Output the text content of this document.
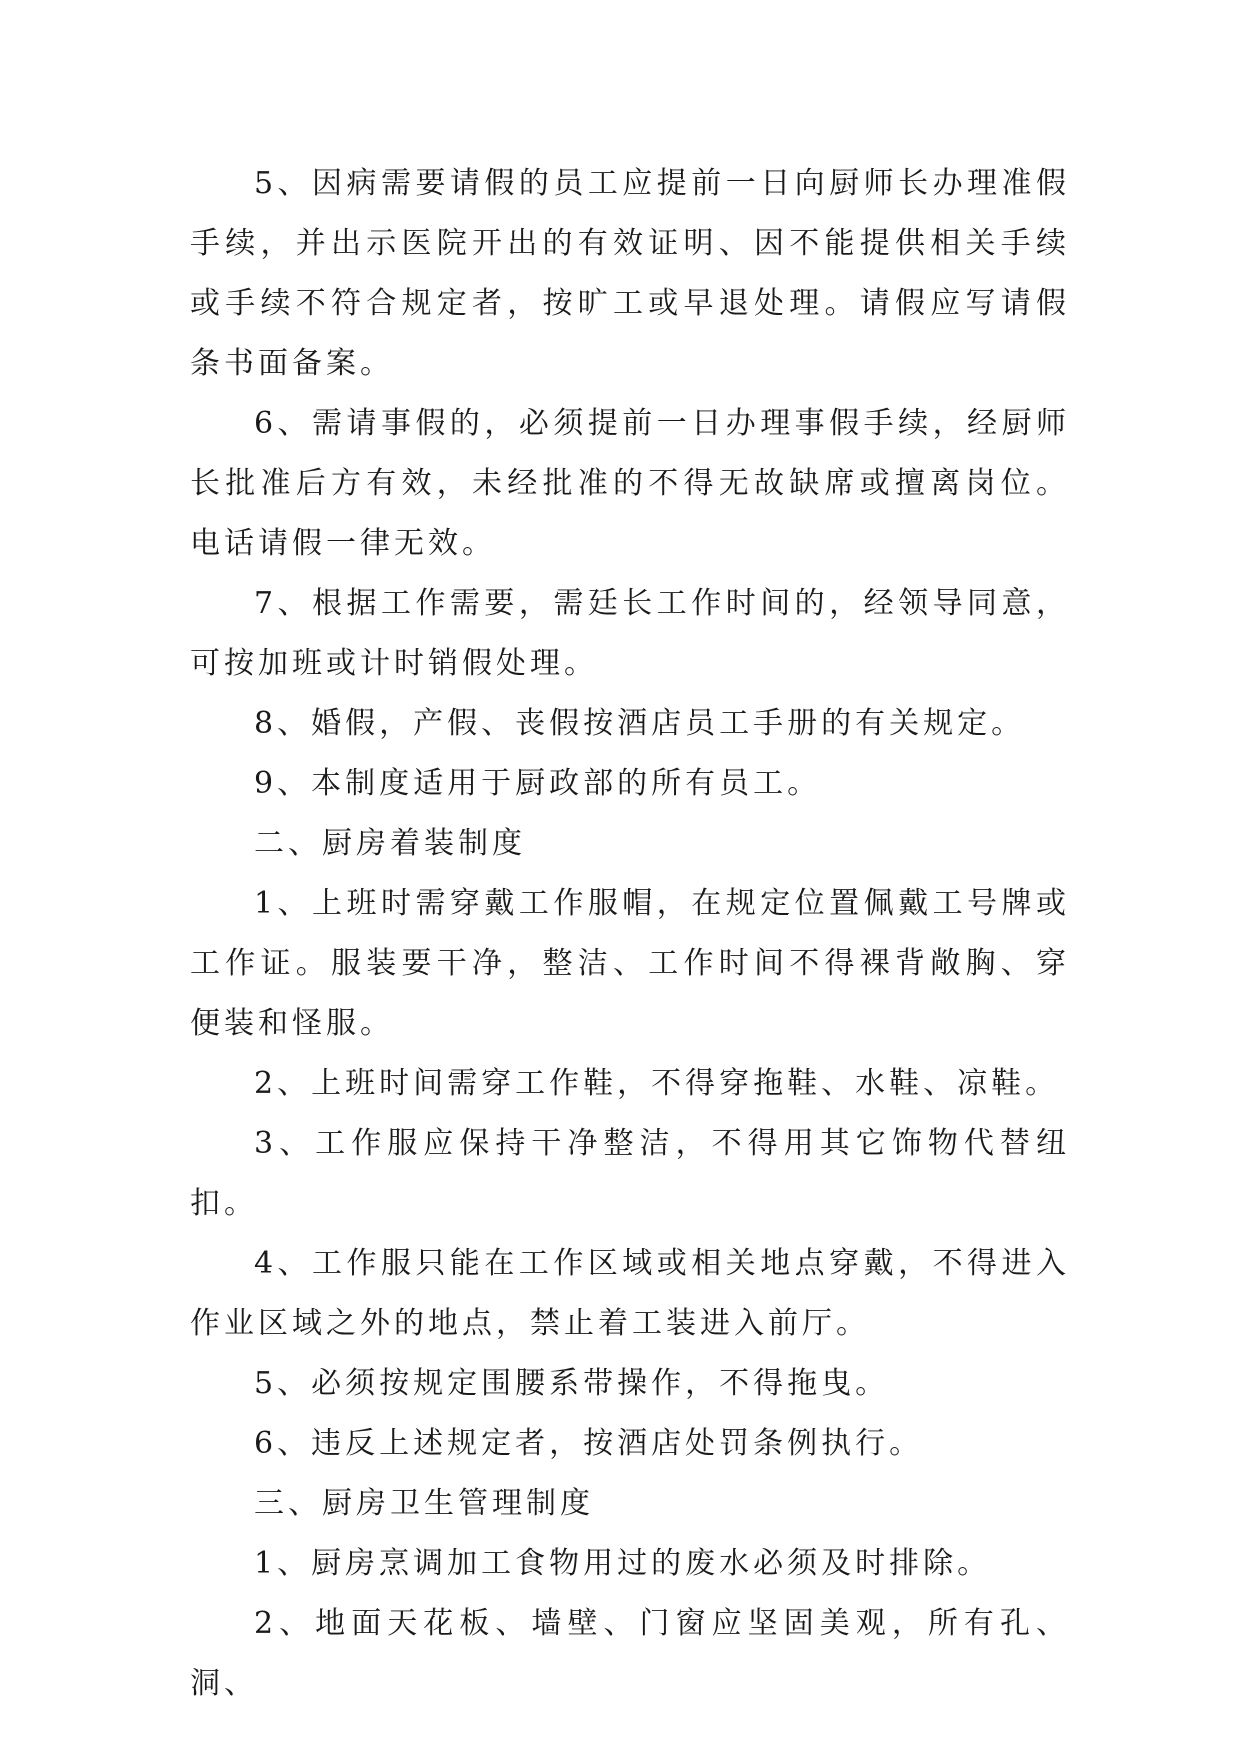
5、因病需要请假的员工应提前一日向厨师长办理准假手续，并出示医院开出的有效证明、因不能提供相关手续或手续不符合规定者，按旷工或早退处理。请假应写请假条书面备案。

6、需请事假的，必须提前一日办理事假手续，经厨师长批准后方有效，未经批准的不得无故缺席或擅离岗位。电话请假一律无效。

7、根据工作需要，需廷长工作时间的，经领导同意，可按加班或计时销假处理。

8、婚假，产假、丧假按酒店员工手册的有关规定。

9、本制度适用于厨政部的所有员工。

二、厨房着装制度

1、上班时需穿戴工作服帽，在规定位置佩戴工号牌或工作证。服装要干净，整洁、工作时间不得裸背敞胸、穿便装和怪服。

2、上班时间需穿工作鞋，不得穿拖鞋、水鞋、凉鞋。

3、工作服应保持干净整洁，不得用其它饰物代替纽扣。

4、工作服只能在工作区域或相关地点穿戴，不得进入作业区域之外的地点，禁止着工装进入前厅。

5、必须按规定围腰系带操作，不得拖曳。

6、违反上述规定者，按酒店处罚条例执行。

三、厨房卫生管理制度

1、厨房烹调加工食物用过的废水必须及时排除。

2、地面天花板、墙壁、门窗应坚固美观，所有孔、洞、
